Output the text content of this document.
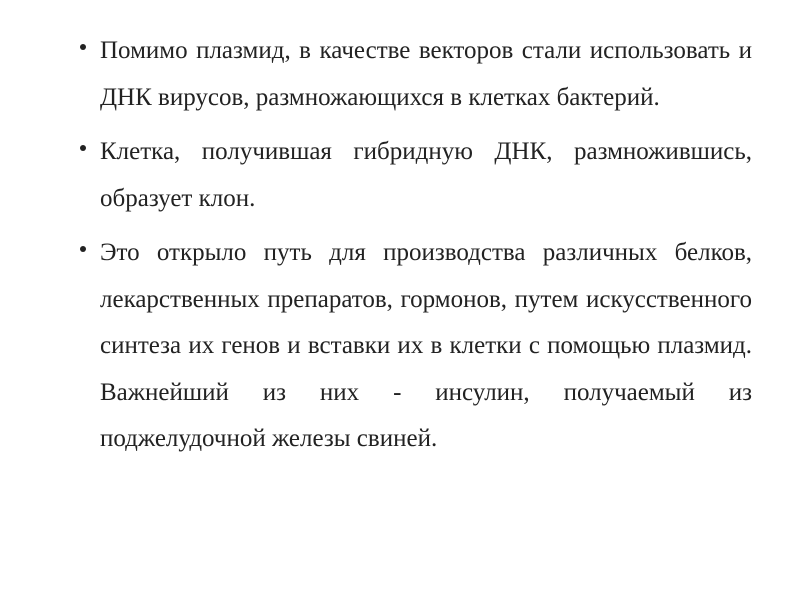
Помимо плазмид, в качестве векторов стали использовать и ДНК вирусов, размножающихся в клетках бактерий.

Клетка, получившая гибридную ДНК, размножившись, образует клон.

Это открыло путь для производства различных белков, лекарственных препаратов, гормонов, путем искусственного синтеза их генов и вставки их в клетки с помощью плазмид. Важнейший из них - инсулин, получаемый из поджелудочной железы свиней.
